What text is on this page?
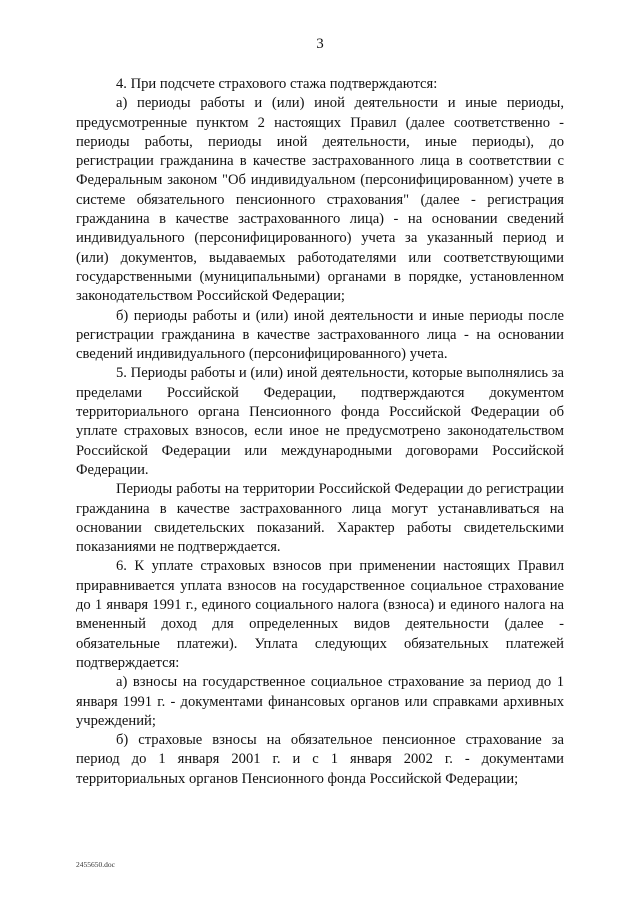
3

4. При подсчете страхового стажа подтверждаются:

а) периоды работы и (или) иной деятельности и иные периоды, предусмотренные пунктом 2 настоящих Правил (далее соответственно - периоды работы, периоды иной деятельности, иные периоды), до регистрации гражданина в качестве застрахованного лица в соответствии с Федеральным законом "Об индивидуальном (персонифицированном) учете в системе обязательного пенсионного страхования" (далее - регистрация гражданина в качестве застрахованного лица) - на основании сведений индивидуального (персонифицированного) учета за указанный период и (или) документов, выдаваемых работодателями или соответствующими государственными (муниципальными) органами в порядке, установленном законодательством Российской Федерации;

б) периоды работы и (или) иной деятельности и иные периоды после регистрации гражданина в качестве застрахованного лица - на основании сведений индивидуального (персонифицированного) учета.

5. Периоды работы и (или) иной деятельности, которые выполнялись за пределами Российской Федерации, подтверждаются документом территориального органа Пенсионного фонда Российской Федерации об уплате страховых взносов, если иное не предусмотрено законодательством Российской Федерации или международными договорами Российской Федерации.

Периоды работы на территории Российской Федерации до регистрации гражданина в качестве застрахованного лица могут устанавливаться на основании свидетельских показаний. Характер работы свидетельскими показаниями не подтверждается.

6. К уплате страховых взносов при применении настоящих Правил приравнивается уплата взносов на государственное социальное страхование до 1 января 1991 г., единого социального налога (взноса) и единого налога на вмененный доход для определенных видов деятельности (далее - обязательные платежи). Уплата следующих обязательных платежей подтверждается:

а) взносы на государственное социальное страхование за период до 1 января 1991 г. - документами финансовых органов или справками архивных учреждений;

б) страховые взносы на обязательное пенсионное страхование за период до 1 января 2001 г. и с 1 января 2002 г. - документами территориальных органов Пенсионного фонда Российской Федерации;

2455650.doc
